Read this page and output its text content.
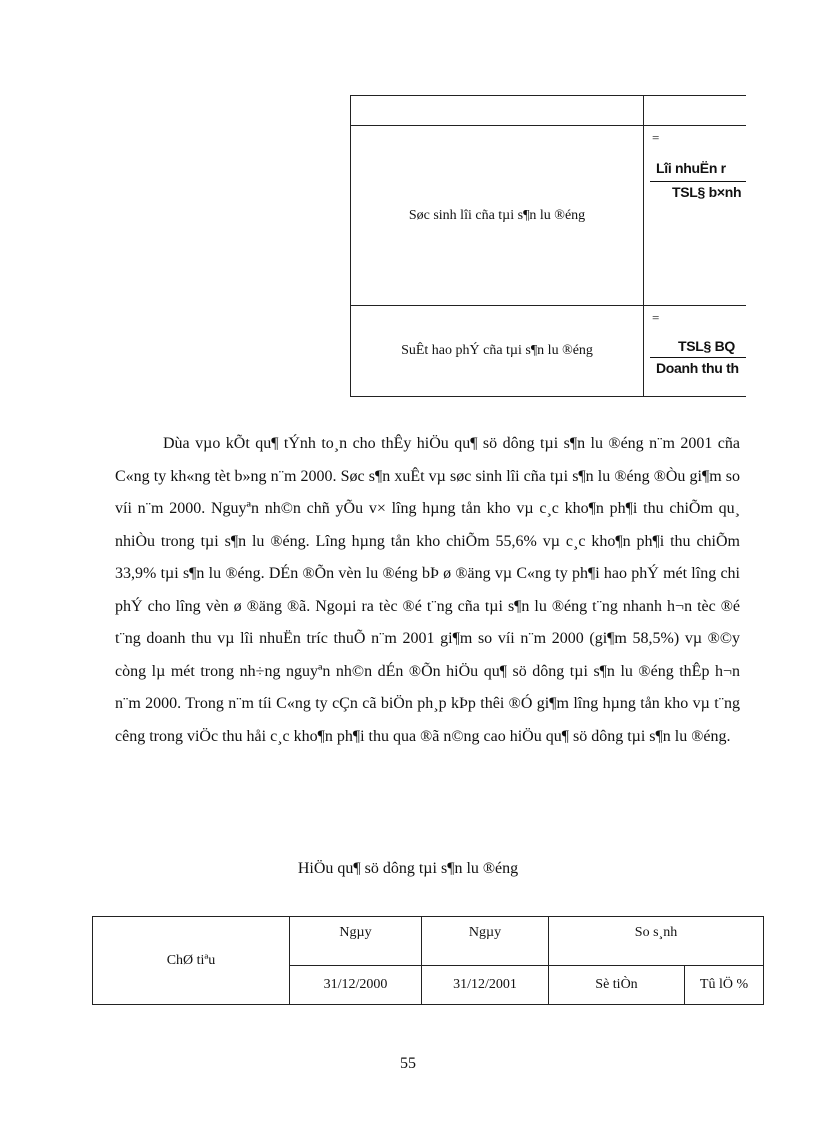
Søc sinh lîi cña tµi s¶n lu ®éng	=
Lîi nhuËn r
TSL§ b×nh

SuÊt hao phÝ cña tµi s¶n lu ®éng	=
TSL§ BQ
Doanh thu th
Dùa vµo kÕt qu¶ tÝnh to¸n cho thÊy hiÖu qu¶ sö dông tµi s¶n lu ®éng n¨m 2001 cña C«ng ty kh«ng tèt b»ng n¨m 2000. Søc s¶n xuÊt vµ søc sinh lîi cña tµi s¶n lu ®éng ®Òu gi¶m so víi n¨m 2000. Nguyªn nh©n chñ yÕu v× lîng hµng tån kho vµ c¸c kho¶n ph¶i thu chiÕm qu¸ nhiÒu trong tµi s¶n lu ®éng. Lîng hµng tån kho chiÕm 55,6% vµ c¸c kho¶n ph¶i thu chiÕm 33,9% tµi s¶n lu ®éng. DÉn ®Õn vèn lu ®éng bÞ ø ®äng vµ C«ng ty ph¶i hao phÝ mét lîng chi phÝ cho lîng vèn ø ®äng ®ã. Ngoµi ra tèc ®é t¨ng cña tµi s¶n lu ®éng t¨ng nhanh h¬n tèc ®é t¨ng doanh thu vµ lîi nhuËn tríc thuÕ n¨m 2001 gi¶m so víi n¨m 2000 (gi¶m 58,5%) vµ ®©y còng lµ mét trong nh÷ng nguyªn nh©n dÉn ®Õn hiÖu qu¶ sö dông tµi s¶n lu ®éng thÊp h¬n n¨m 2000. Trong n¨m tíi C«ng ty cÇn cã biÖn ph¸p kÞp thêi ®Ó gi¶m lîng hµng tån kho vµ t¨ng cêng trong viÖc thu håi c¸c kho¶n ph¶i thu qua ®ã n©ng cao hiÖu qu¶ sö dông tµi s¶n lu ®éng.
HiÖu qu¶ sö dông tµi s¶n lu ®éng
ChØ tiªu	Ngµy	Ngµy	So s¸nh	
	31/12/2000	31/12/2001	Sè tiÒn	Tû lÖ %
55
